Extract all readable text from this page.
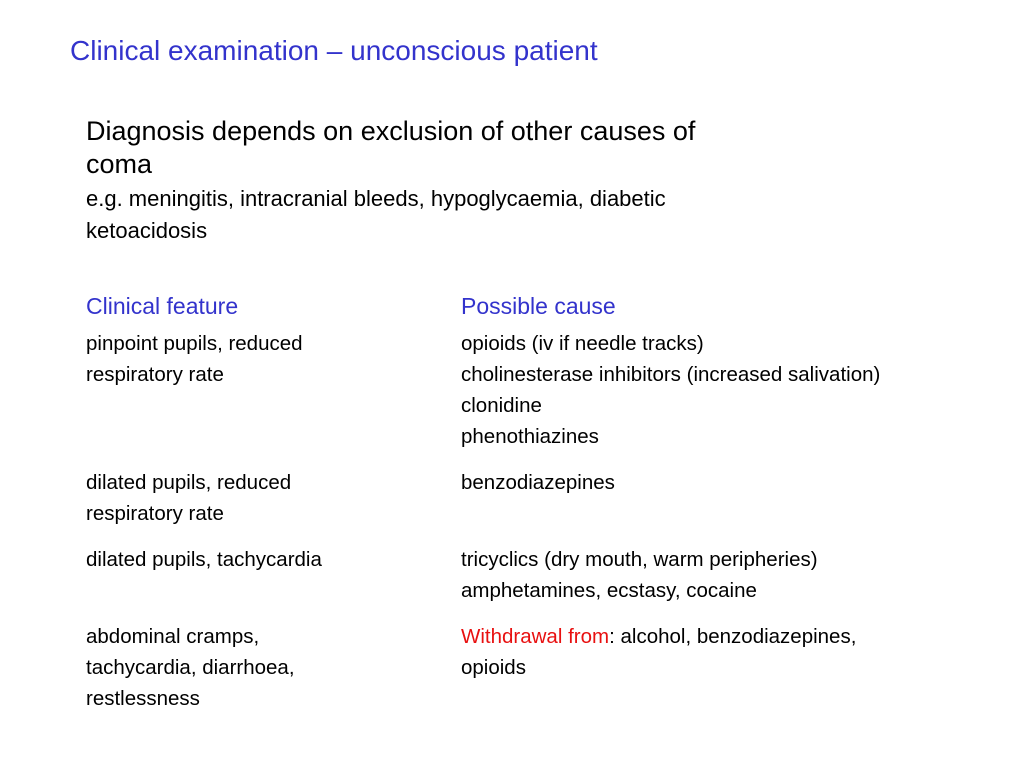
Clinical examination – unconscious patient
Diagnosis depends on exclusion of other causes of
coma
e.g. meningitis, intracranial bleeds, hypoglycaemia, diabetic
ketoacidosis
Clinical feature	Possible cause
pinpoint pupils, reduced
respiratory rate
opioids (iv if needle tracks)
cholinesterase inhibitors (increased salivation)
clonidine
phenothiazines
dilated pupils, reduced
respiratory rate
benzodiazepines
dilated pupils, tachycardia	tricyclics (dry mouth, warm peripheries)
amphetamines, ecstasy, cocaine
abdominal cramps,
tachycardia, diarrhoea,
restlessness
Withdrawal from: alcohol, benzodiazepines,
opioids
